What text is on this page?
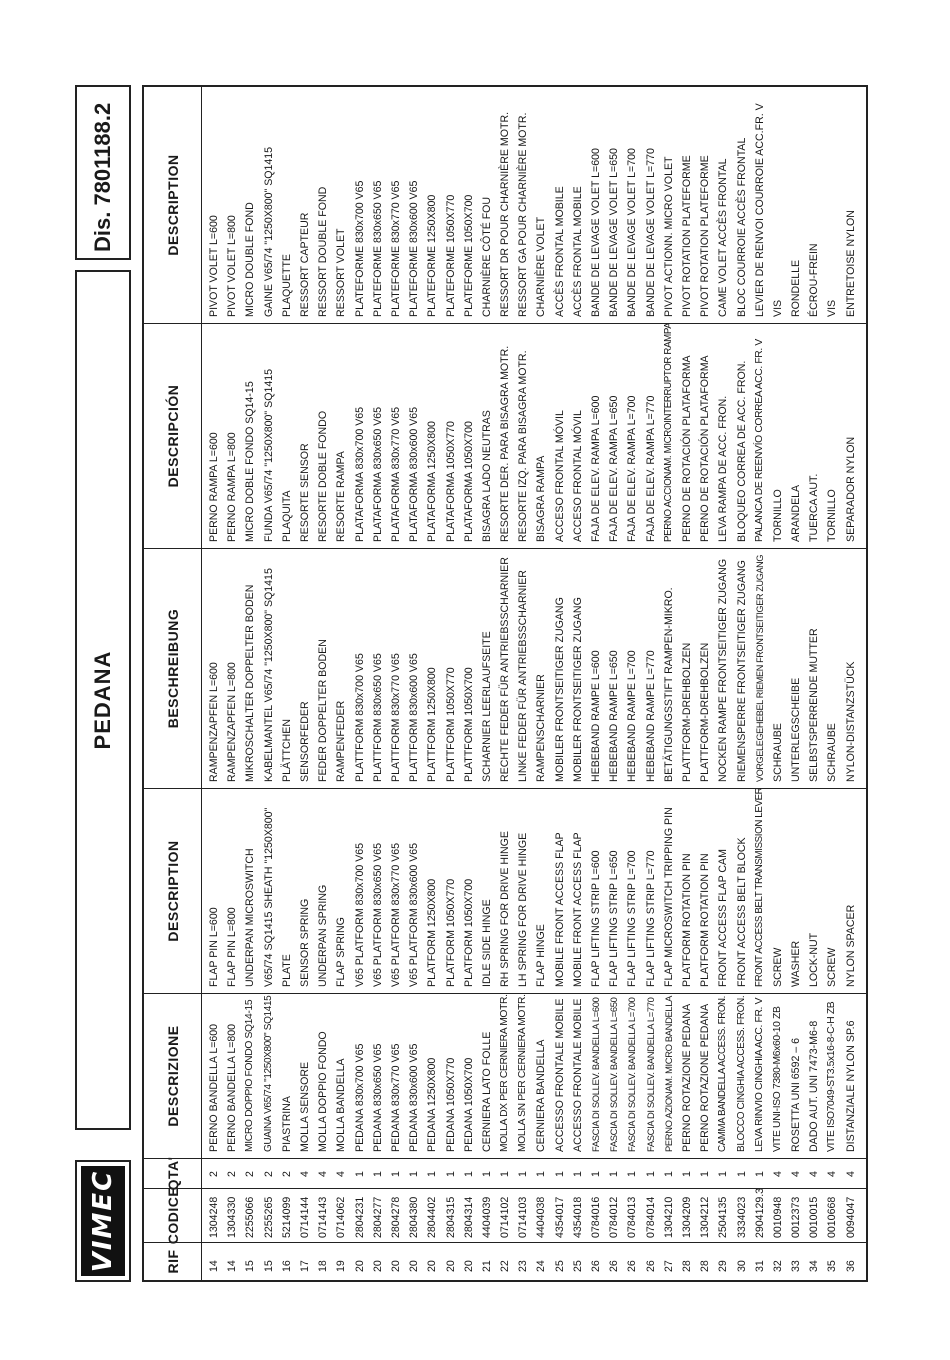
VIMEC
PEDANA
Dis. 7801188.2
RIF
CODICE
QTA'
DESCRIZIONE
DESCRIPTION
BESCHREIBUNG
DESCRIPCIÓN
DESCRIPTION
14
1304248
2
PERNO BANDELLA L=600
FLAP PIN L=600
RAMPENZAPFEN L=600
PERNO RAMPA L=600
PIVOT VOLET L=600
14
1304330
2
PERNO BANDELLA L=800
FLAP PIN L=800
RAMPENZAPFEN L=800
PERNO RAMPA L=800
PIVOT VOLET L=800
15
2255066
2
MICRO DOPPIO FONDO SQ14-15
UNDERPAN MICROSWITCH
MIKROSCHALTER DOPPELTER BODEN
MICRO DOBLE FONDO SQ14-15
MICRO DOUBLE FOND
15
2255265
2
GUAINA V65/74 "1250X800" SQ1415
V65/74 SQ1415 SHEATH "1250X800"
KABELMANTEL V65/74 "1250X800" SQ1415
FUNDA V65/74 "1250X800" SQ1415
GAINE V65/74 "1250X800" SQ1415
16
5214099
2
PIASTRINA
PLATE
PLÄTTCHEN
PLAQUITA
PLAQUETTE
17
0714144
4
MOLLA SENSORE
SENSOR SPRING
SENSORFEDER
RESORTE SENSOR
RESSORT CAPTEUR
18
0714143
4
MOLLA DOPPIO FONDO
UNDERPAN SPRING
FEDER DOPPELTER BODEN
RESORTE DOBLE FONDO
RESSORT DOUBLE FOND
19
0714062
4
MOLLA BANDELLA
FLAP SPRING
RAMPENFEDER
RESORTE RAMPA
RESSORT VOLET
20
2804231
1
PEDANA 830x700 V65
V65 PLATFORM 830x700 V65
PLATTFORM 830x700 V65
PLATAFORMA 830x700 V65
PLATEFORME 830x700 V65
20
2804277
1
PEDANA 830x650 V65
V65 PLATFORM 830x650 V65
PLATTFORM 830x650 V65
PLATAFORMA 830x650 V65
PLATEFORME 830x650 V65
20
2804278
1
PEDANA 830x770 V65
V65 PLATFORM 830x770 V65
PLATTFORM 830x770 V65
PLATAFORMA 830x770 V65
PLATEFORME 830x770 V65
20
2804380
1
PEDANA 830x600 V65
V65 PLATFORM 830x600 V65
PLATTFORM 830x600 V65
PLATAFORMA 830x600 V65
PLATEFORME 830x600 V65
20
2804402
1
PEDANA 1250X800
PLATFORM 1250X800
PLATTFORM 1250X800
PLATAFORMA 1250X800
PLATEFORME 1250X800
20
2804315
1
PEDANA 1050X770
PLATFORM 1050X770
PLATTFORM 1050X770
PLATAFORMA 1050X770
PLATEFORME 1050X770
20
2804314
1
PEDANA 1050X700
PLATFORM 1050X700
PLATTFORM 1050X700
PLATAFORMA 1050X700
PLATEFORME 1050X700
21
4404039
1
CERNIERA LATO FOLLE
IDLE SIDE HINGE
SCHARNIER LEERLAUFSEITE
BISAGRA LADO NEUTRAS
CHARNIÈRE CÔTÉ FOU
22
0714102
1
MOLLA DX PER CERNIERA MOTR.
RH SPRING FOR DRIVE HINGE
RECHTE FEDER FÜR ANTRIEBSSCHARNIER
RESORTE DER. PARA BISAGRA MOTR.
RESSORT DR POUR CHARNIÈRE MOTR.
23
0714103
1
MOLLA SN PER CERNIERA MOTR.
LH SPRING FOR DRIVE HINGE
LINKE FEDER FÜR ANTRIEBSSCHARNIER
RESORTE IZQ. PARA BISAGRA MOTR.
RESSORT GA POUR CHARNIÈRE MOTR.
24
4404038
1
CERNIERA BANDELLA
FLAP HINGE
RAMPENSCHARNIER
BISAGRA RAMPA
CHARNIÈRE VOLET
25
4354017
1
ACCESSO FRONTALE MOBILE
MOBILE FRONT ACCESS FLAP
MOBILER FRONTSEITIGER ZUGANG
ACCESO FRONTAL MÓVIL
ACCÈS FRONTAL MOBILE
25
4354018
1
ACCESSO FRONTALE MOBILE
MOBILE FRONT ACCESS FLAP
MOBILER FRONTSEITIGER ZUGANG
ACCESO FRONTAL MÓVIL
ACCÈS FRONTAL MOBILE
26
0784016
1
FASCIA DI SOLLEV. BANDELLA L=600
FLAP LIFTING STRIP L=600
HEBEBAND RAMPE L=600
FAJA DE ELEV. RAMPA L=600
BANDE DE LEVAGE VOLET L=600
26
0784012
1
FASCIA DI SOLLEV. BANDELLA L=650
FLAP LIFTING STRIP L=650
HEBEBAND RAMPE L=650
FAJA DE ELEV. RAMPA L=650
BANDE DE LEVAGE VOLET L=650
26
0784013
1
FASCIA DI SOLLEV. BANDELLA L=700
FLAP LIFTING STRIP L=700
HEBEBAND RAMPE L=700
FAJA DE ELEV. RAMPA L=700
BANDE DE LEVAGE VOLET L=700
26
0784014
1
FASCIA DI SOLLEV. BANDELLA L=770
FLAP LIFTING STRIP L=770
HEBEBAND RAMPE L=770
FAJA DE ELEV. RAMPA L=770
BANDE DE LEVAGE VOLET L=770
27
1304210
1
PERNO AZIONAM. MICRO BANDELLA
FLAP MICROSWITCH TRIPPING PIN
BETÄTIGUNGSSTIFT RAMPEN-MIKRO.
PERNO ACCIONAM. MICROINTERRUPTOR RAMPA
PIVOT ACTIONN. MICRO VOLET
28
1304209
1
PERNO ROTAZIONE PEDANA
PLATFORM ROTATION PIN
PLATTFORM-DREHBOLZEN
PERNO DE ROTACIÓN PLATAFORMA
PIVOT ROTATION PLATEFORME
28
1304212
1
PERNO ROTAZIONE PEDANA
PLATFORM ROTATION PIN
PLATTFORM-DREHBOLZEN
PERNO DE ROTACIÓN PLATAFORMA
PIVOT ROTATION PLATEFORME
29
2504135
1
CAMMA BANDELLA ACCESS. FRON.
FRONT ACCESS FLAP CAM
NOCKEN RAMPE FRONTSEITIGER ZUGANG
LEVA RAMPA DE ACC. FRON.
CAME VOLET ACCÈS FRONTAL
30
3334023
1
BLOCCO CINGHIA ACCESS. FRON.
FRONT ACCESS BELT BLOCK
RIEMENSPERRE FRONTSEITIGER ZUGANG
BLOQUEO CORREA DE ACC. FRON.
BLOC COURROIE ACCÈS FRONTAL
31
2904129.3
1
LEVA RINVIO CINGHIA ACC. FR. V
FRONT ACCESS BELT TRANSMISSION LEVER
VORGELEGEHEBEL RIEMEN FRONTSEITIGER ZUGANG
PALANCA DE REENVÍO CORREA ACC. FR. V
LEVIER DE RENVOI COURROIE ACC.FR. V
32
0010948
4
VITE UNI-ISO 7380-M6x60-10 ZB
SCREW
SCHRAUBE
TORNILLO
VIS
33
0012373
4
ROSETTA UNI 6592 – 6
WASHER
UNTERLEGSCHEIBE
ARANDELA
RONDELLE
34
0010015
4
DADO AUT. UNI 7473-M6-8
LOCK-NUT
SELBSTSPERRENDE MUTTER
TUERCA AUT.
ÉCROU-FREIN
35
0010668
4
VITE ISO7049-ST3.5x16-8-C-H ZB
SCREW
SCHRAUBE
TORNILLO
VIS
36
0094047
4
DISTANZIALE NYLON SP.6
NYLON SPACER
NYLON-DISTANZSTÜCK
SEPARADOR NYLON
ENTRETOISE NYLON
